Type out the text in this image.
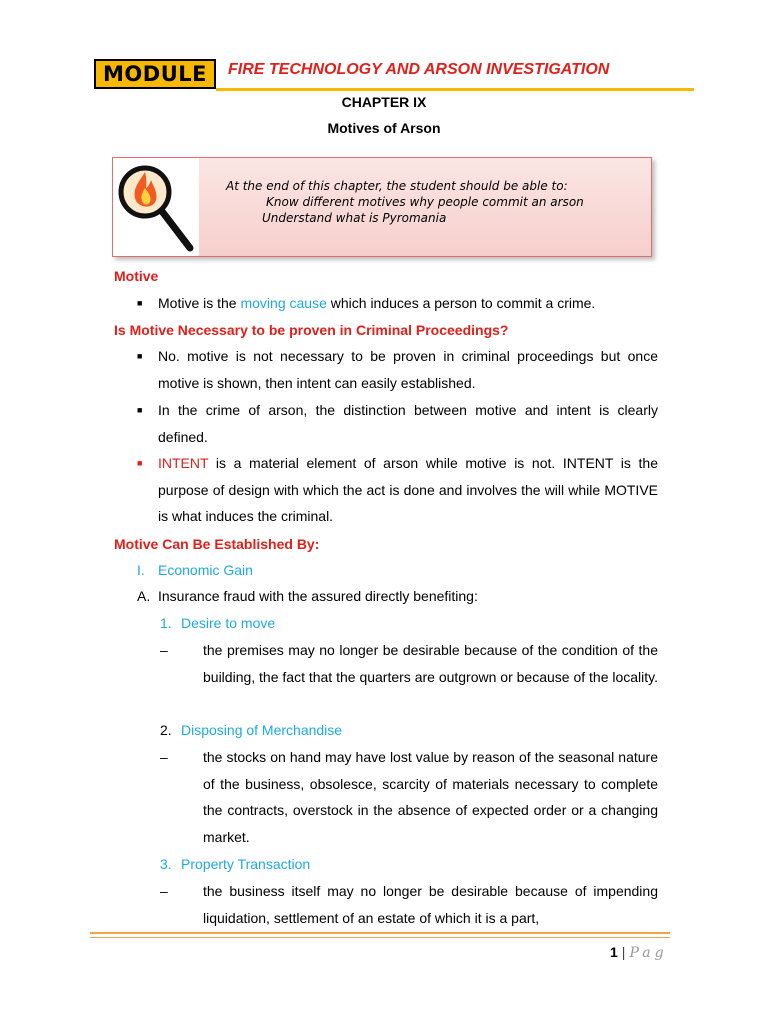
MODULE	FIRE TECHNOLOGY AND ARSON INVESTIGATION
CHAPTER IX
Motives of Arson
At the end of this chapter, the student should be able to:
Know different motives why people commit an arson
Understand what is Pyromania
Motive
■ Motive is the moving cause which induces a person to commit a crime.
Is Motive Necessary to be proven in Criminal Proceedings?
■ No. motive is not necessary to be proven in criminal proceedings but once motive is shown, then intent can easily established.
■ In the crime of arson, the distinction between motive and intent is clearly defined.
■ INTENT is a material element of arson while motive is not. INTENT is the purpose of design with which the act is done and involves the will while MOTIVE is what induces the criminal.
Motive Can Be Established By:
I. Economic Gain
A. Insurance fraud with the assured directly benefiting:
1. Desire to move
–	the premises may no longer be desirable because of the condition of the building, the fact that the quarters are outgrown or because of the locality.
2. Disposing of Merchandise
–	the stocks on hand may have lost value by reason of the seasonal nature of the business, obsolesce, scarcity of materials necessary to complete the contracts, overstock in the absence of expected order or a changing market.
3. Property Transaction
–	the business itself may no longer be desirable because of impending liquidation, settlement of an estate of which it is a part,
1 | Pag
